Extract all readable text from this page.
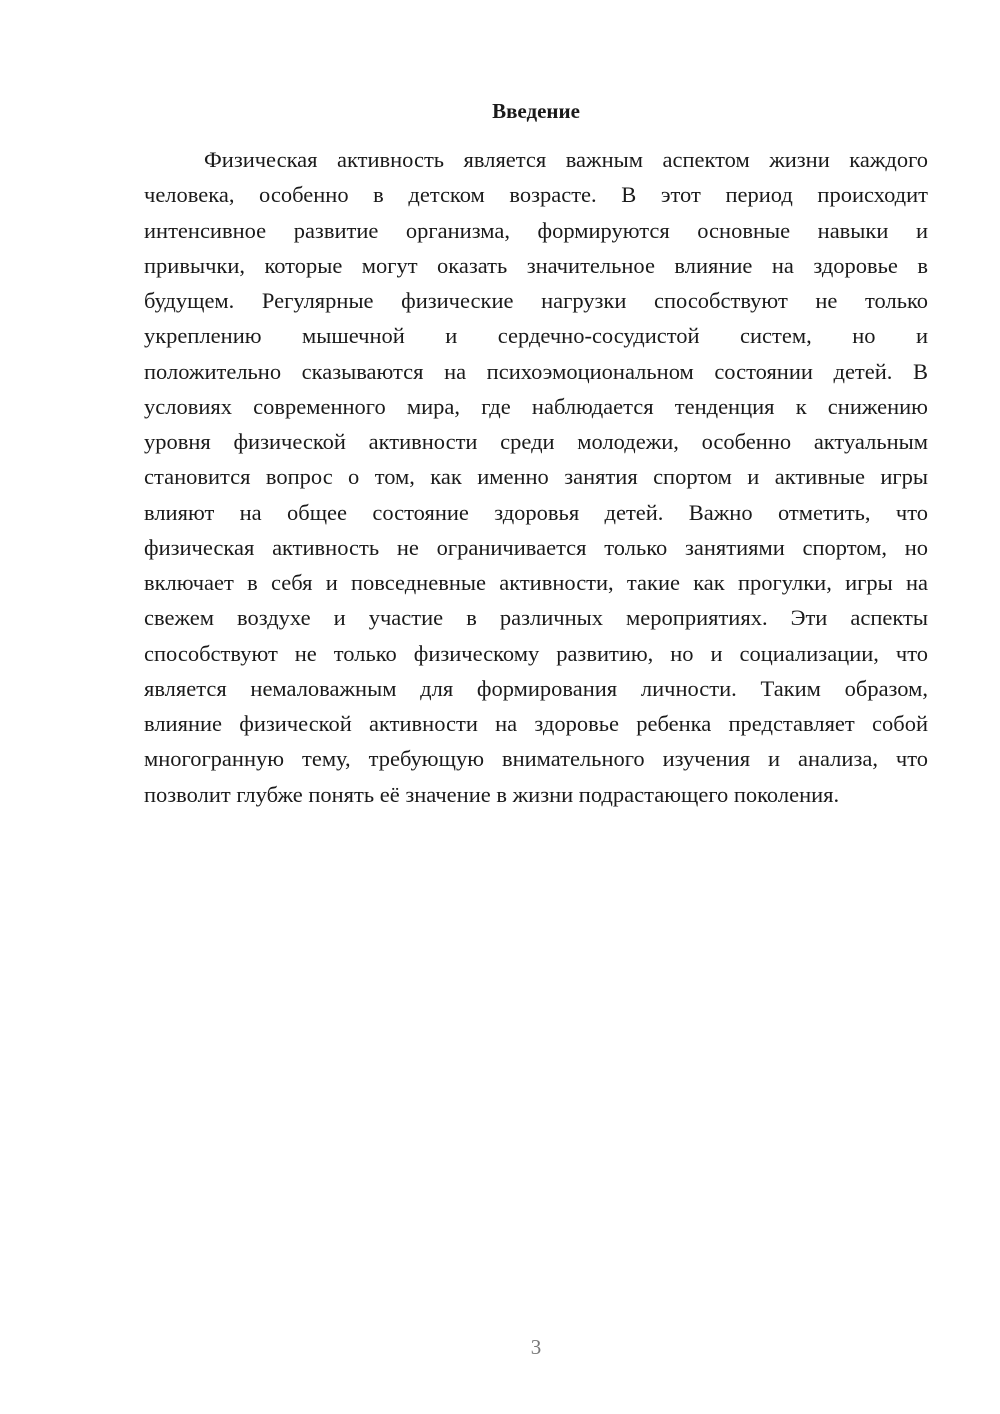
Введение
Физическая активность является важным аспектом жизни каждого
человека, особенно в детском возрасте. В этот период происходит
интенсивное развитие организма, формируются основные навыки и
привычки, которые могут оказать значительное влияние на здоровье в
будущем. Регулярные физические нагрузки способствуют не только
укреплению мышечной и сердечно-сосудистой систем, но и
положительно сказываются на психоэмоциональном состоянии детей. В
условиях современного мира, где наблюдается тенденция к снижению
уровня физической активности среди молодежи, особенно актуальным
становится вопрос о том, как именно занятия спортом и активные игры
влияют на общее состояние здоровья детей. Важно отметить, что
физическая активность не ограничивается только занятиями спортом, но
включает в себя и повседневные активности, такие как прогулки, игры на
свежем воздухе и участие в различных мероприятиях. Эти аспекты
способствуют не только физическому развитию, но и социализации, что
является немаловажным для формирования личности. Таким образом,
влияние физической активности на здоровье ребенка представляет собой
многогранную тему, требующую внимательного изучения и анализа, что
позволит глубже понять её значение в жизни подрастающего поколения.
3
